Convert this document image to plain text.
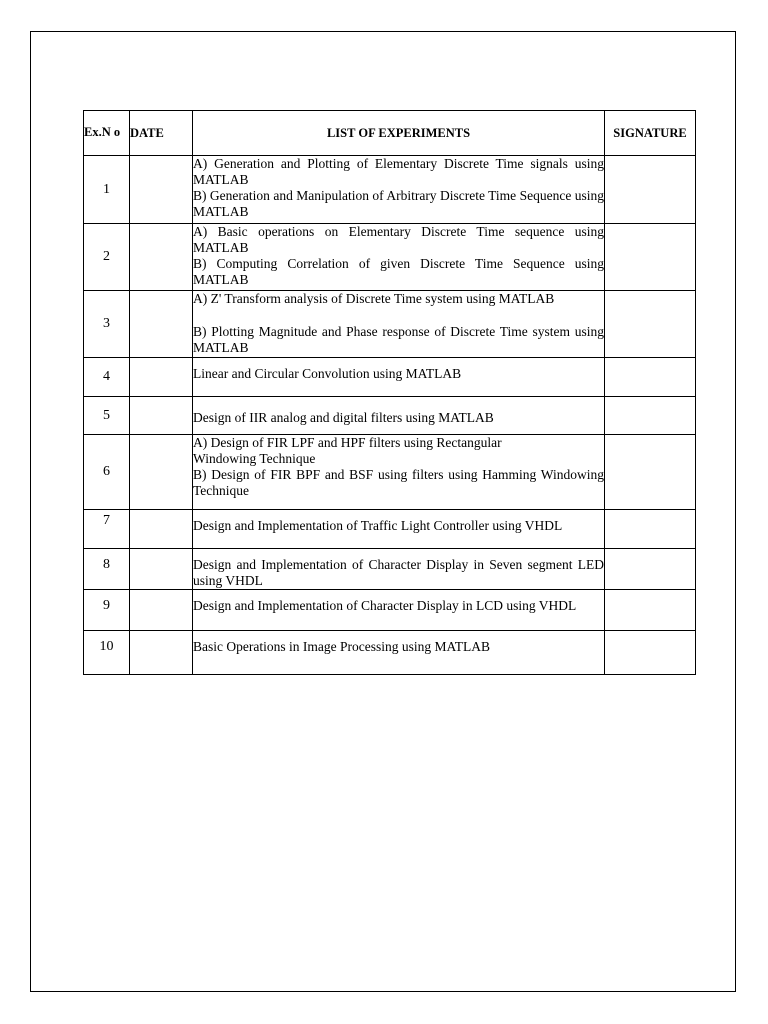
Ex.N o	DATE	LIST OF EXPERIMENTS	SIGNATURE
1		A) Generation and Plotting of Elementary Discrete Time signals using MATLAB
B) Generation and Manipulation of Arbitrary Discrete Time Sequence using MATLAB	

2		A) Basic operations on Elementary Discrete Time sequence using MATLAB
B) Computing Correlation of given Discrete Time Sequence using MATLAB	

3		A) Z' Transform analysis of Discrete Time system using MATLAB
B) Plotting Magnitude and Phase response of Discrete Time system using MATLAB	

4		Linear and Circular Convolution using MATLAB	

5		Design of IIR analog and digital filters using MATLAB	

6		A) Design of FIR LPF and HPF filters using Rectangular Windowing Technique
B) Design of FIR BPF and BSF using filters using Hamming Windowing Technique	

7		Design and Implementation of Traffic Light Controller using VHDL	

8		Design and Implementation of Character Display in Seven segment LED using VHDL	

9		Design and Implementation of Character Display in LCD using VHDL	

10		Basic Operations in Image Processing using MATLAB	
